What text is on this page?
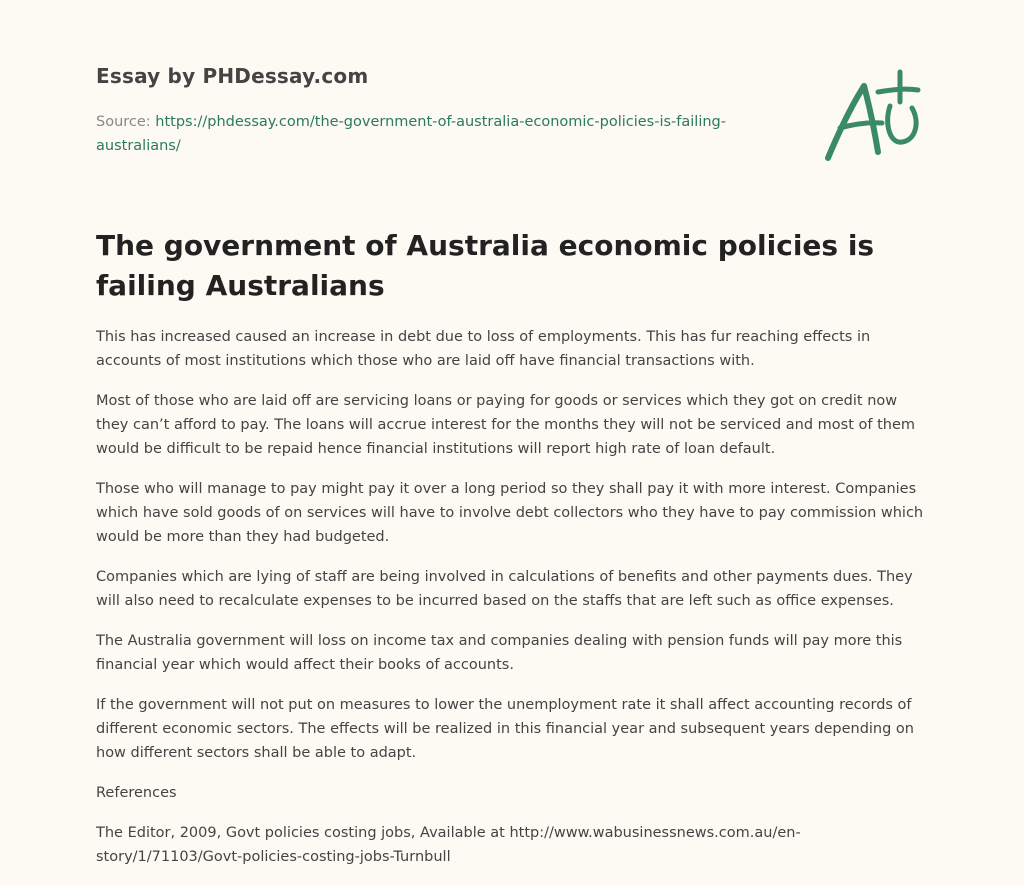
Essay by PHDessay.com
Source: https://phdessay.com/the-government-of-australia-economic-policies-is-failing-australians/
The government of Australia economic policies is failing Australians

This has increased caused an increase in debt due to loss of employments. This has fur reaching effects in accounts of most institutions which those who are laid off have financial transactions with.

Most of those who are laid off are servicing loans or paying for goods or services which they got on credit now they can’t afford to pay. The loans will accrue interest for the months they will not be serviced and most of them would be difficult to be repaid hence financial institutions will report high rate of loan default.

Those who will manage to pay might pay it over a long period so they shall pay it with more interest. Companies which have sold goods of on services will have to involve debt collectors who they have to pay commission which would be more than they had budgeted.

Companies which are lying of staff are being involved in calculations of benefits and other payments dues. They will also need to recalculate expenses to be incurred based on the staffs that are left such as office expenses.

The Australia government will loss on income tax and companies dealing with pension funds will pay more this financial year which would affect their books of accounts.

If the government will not put on measures to lower the unemployment rate it shall affect accounting records of different economic sectors. The effects will be realized in this financial year and subsequent years depending on how different sectors shall be able to adapt.

References

The Editor, 2009, Govt policies costing jobs, Available at http://www.wabusinessnews.com.au/en-story/1/71103/Govt-policies-costing-jobs-Turnbull
